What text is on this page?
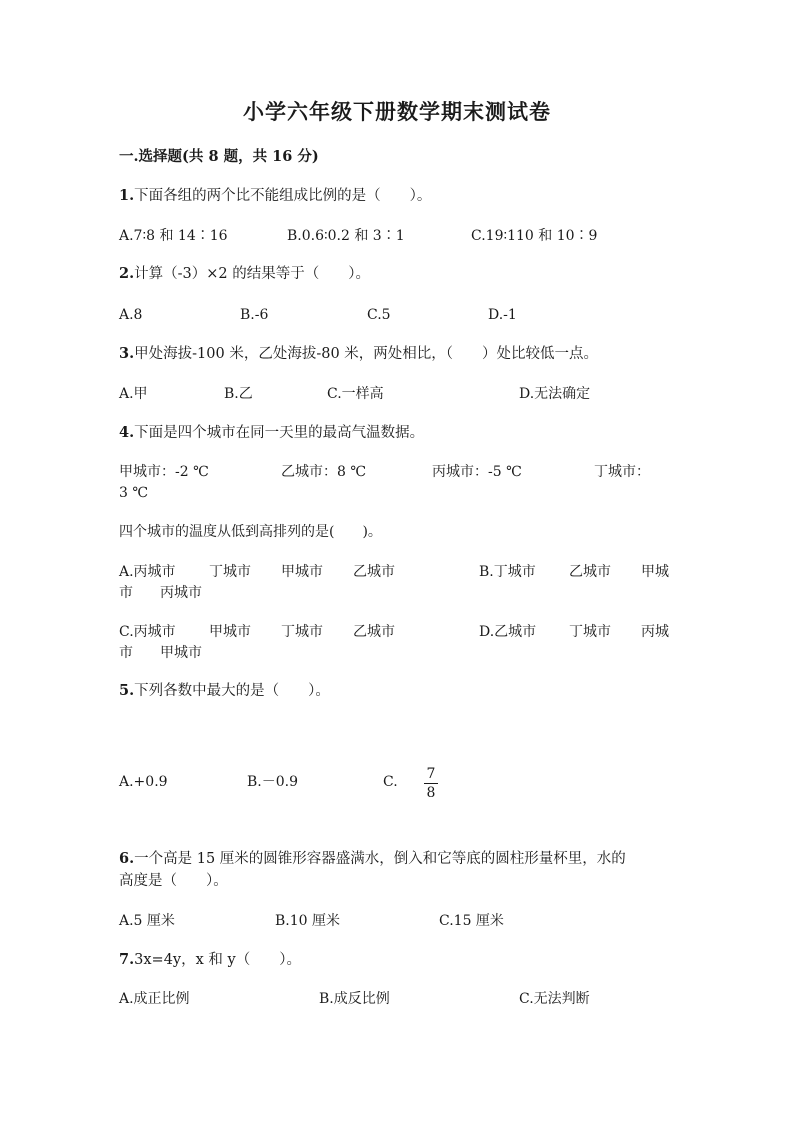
小学六年级下册数学期末测试卷
一.选择题(共 8 题，共 16 分)
1.下面各组的两个比不能组成比例的是（　　）。
A.7∶8 和 14∶16	B.0.6∶0.2 和 3∶1	C.19∶110 和 10∶9
2.计算（-3）×2 的结果等于（　　）。
A.8	B.-6	C.5	D.-1
3.甲处海拔-100 米，乙处海拔-80 米，两处相比，（　　）处比较低一点。
A.甲	B.乙	C.一样高	D.无法确定
4.下面是四个城市在同一天里的最高气温数据。
甲城市：-2 ℃	乙城市：8 ℃	丙城市：-5 ℃	丁城市：
3 ℃
四个城市的温度从低到高排列的是(　　)。
A.丙城市 丁城市 甲城市 乙城市	B.丁城市 乙城市 甲城
市 丙城市
C.丙城市 甲城市 丁城市 乙城市	D.乙城市 丁城市 丙城
市 甲城市
5.下列各数中最大的是（　　）。
A.+0.9	B.－0.9	C. 7
8
6.一个高是 15 厘米的圆锥形容器盛满水，倒入和它等底的圆柱形量杯里，水的
高度是（　　）。
A.5 厘米	B.10 厘米	C.15 厘米
7.3x=4y，x 和 y（　　）。
A.成正比例	B.成反比例	C.无法判断
